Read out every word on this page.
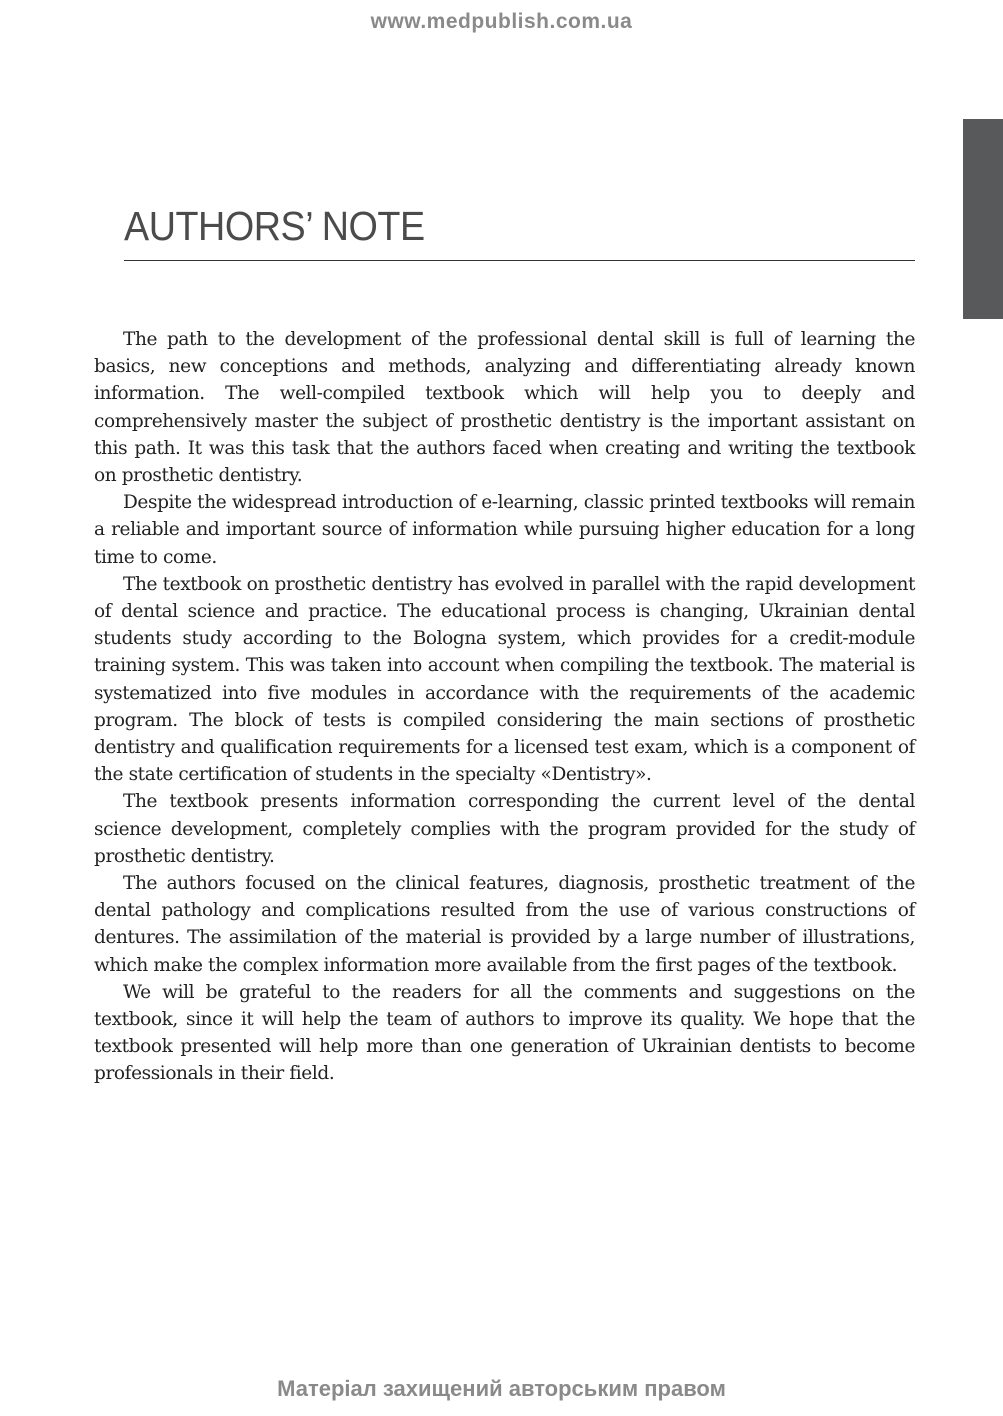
www.medpublish.com.ua
AUTHORS’ NOTE

The path to the development of the professional dental skill is full of learning the basics, new conceptions and methods, analyzing and differentiating already known information. The well-compiled textbook which will help you to deeply and comprehensively master the subject of prosthetic dentistry is the important assistant on this path. It was this task that the authors faced when creating and writing the textbook on prosthetic dentistry.

Despite the widespread introduction of e-learning, classic printed textbooks will remain a reliable and important source of information while pursuing higher education for a long time to come.

The textbook on prosthetic dentistry has evolved in parallel with the rapid development of dental science and practice. The educational process is changing, Ukrainian dental students study according to the Bologna system, which provides for a credit-module training system. This was taken into account when compiling the textbook. The material is systematized into five modules in accordance with the requirements of the academic program. The block of tests is compiled considering the main sections of prosthetic dentistry and qualification requirements for a licensed test exam, which is a component of the state certification of students in the specialty «Dentistry».

The textbook presents information corresponding the current level of the dental science development, completely complies with the program provided for the study of prosthetic dentistry.

The authors focused on the clinical features, diagnosis, prosthetic treatment of the dental pathology and complications resulted from the use of various constructions of dentures. The assimilation of the material is provided by a large number of illustrations, which make the complex information more available from the first pages of the textbook.

We will be grateful to the readers for all the comments and suggestions on the textbook, since it will help the team of authors to improve its quality. We hope that the textbook presented will help more than one generation of Ukrainian dentists to become professionals in their field.

Матеріал захищений авторським правом
